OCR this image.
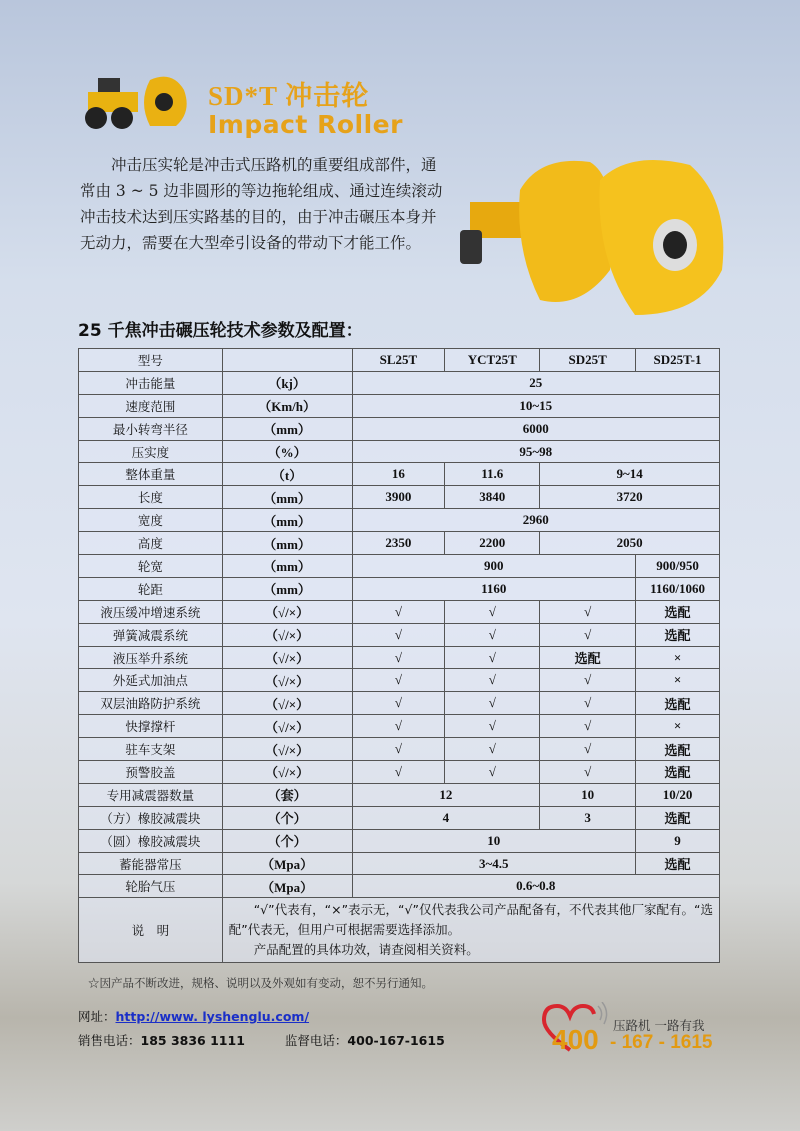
SD*T 冲击轮
Impact Roller

冲击压实轮是冲击式压路机的重要组成部件，通常由 3 ~ 5 边非圆形的等边拖轮组成、通过连续滚动冲击技术达到压实路基的目的，由于冲击碾压本身并无动力，需要在大型牵引设备的带动下才能工作。

25 千焦冲击碾压轮技术参数及配置：
型号		SL25T	YCT25T	SD25T	SD25T-1
冲击能量	（kj）	25			
速度范围	（Km/h）	10~15			
最小转弯半径	（mm）	6000			
压实度	（%）	95~98			
整体重量	（t）	16	11.6	9~14	
长度	（mm）	3900	3840	3720	
宽度	（mm）	2960			
高度	（mm）	2350	2200	2050	
轮宽	（mm）	900			900/950
轮距	（mm）	1160			1160/1060
液压缓冲增速系统	（√/×）	√	√	√	选配
弹簧减震系统	（√/×）	√	√	√	选配
液压举升系统	（√/×）	√	√	选配	×
外延式加油点	（√/×）	√	√	√	×
双层油路防护系统	（√/×）	√	√	√	选配
快撑撑杆	（√/×）	√	√	√	×
驻车支架	（√/×）	√	√	√	选配
预警胶盖	（√/×）	√	√	√	选配
专用减震器数量	（套）	12		10	10/20
（方）橡胶减震块	（个）	4		3	选配
（圆）橡胶减震块	（个）	10			9
蓄能器常压	（Mpa）	3~4.5			选配
轮胎气压	（Mpa）	0.6~0.8			
说　明	　　“√”代表有，“×”表示无，“√”仅代表我公司产品配备有，不代表其他厂家配有。“选配”代表无，但用户可根据需要选择添加。
　　产品配置的具体功效，请查阅相关资料。				
☆因产品不断改进，规格、说明以及外观如有变动，恕不另行通知。
网址：http://www. lyshenglu.com/
销售电话：185 3836 1111	监督电话：400-167-1615
压路机 一路有我
400 - 167 - 1615
